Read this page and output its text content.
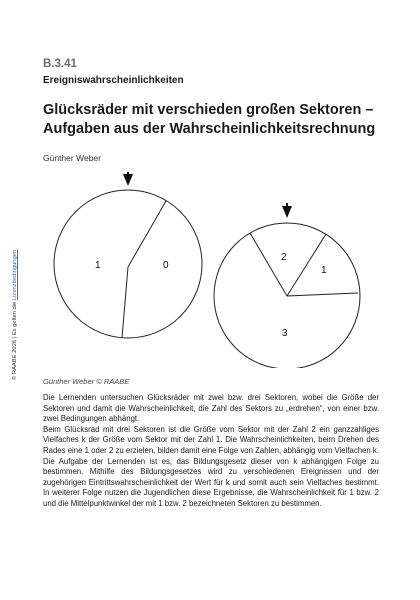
© RAABE 2026 | Es gelten die Lizenzbedingungen
B.3.41
Ereigniswahrscheinlichkeiten
Glücksräder mit verschieden großen Sektoren – Aufgaben aus der Wahrscheinlichkeitsrechnung
Günther Weber
1	0
2
1
3
Günther Weber © RAABE

Die Lernenden untersuchen Glücksräder mit zwei bzw. drei Sektoren, wobei die Größe der Sektoren und damit die Wahrscheinlichkeit, die Zahl des Sektors zu „erdrehen“, von einer bzw. zwei Bedingungen abhängt.

Beim Glücksrad mit drei Sektoren ist die Größe vom Sektor mit der Zahl 2 ein ganzzahliges Vielfaches k der Größe vom Sektor mit der Zahl 1. Die Wahrscheinlichkeiten, beim Drehen des Rades eine 1 oder 2 zu erzielen, bilden damit eine Folge von Zahlen, abhängig vom Vielfachen k. Die Aufgabe der Lernenden ist es, das Bildungsgesetz dieser von k abhängigen Folge zu bestimmen. Mithilfe des Bildungsgesetzes wird zu verschiedenen Ereignissen und der zugehörigen Eintrittswahrscheinlichkeit der Wert für k und somit auch sein Vielfaches bestimmt. In weiterer Folge nutzen die Jugendlichen diese Ergebnisse, die Wahrscheinlichkeit für 1 bzw. 2 und die Mittelpunktwinkel der mit 1 bzw. 2 bezeichneten Sektoren zu bestimmen.
